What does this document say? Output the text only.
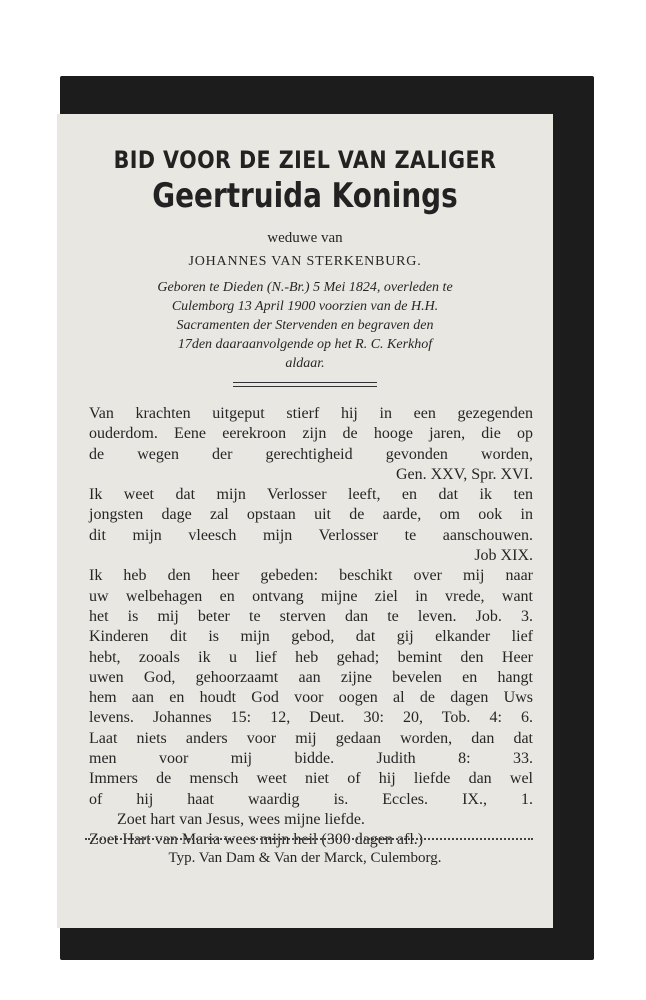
BID VOOR DE ZIEL VAN ZALIGER
Geertruida Konings
weduwe van
JOHANNES VAN STERKENBURG.
Geboren te Dieden (N.-Br.) 5 Mei 1824, overleden te
Culemborg 13 April 1900 voorzien van de H.H.
Sacramenten der Stervenden en begraven den
17den daaraanvolgende op het R. C. Kerkhof
aldaar.
Van krachten uitgeput stierf hij in een gezegenden
ouderdom. Eene eerekroon zijn de hooge jaren, die op
de wegen der gerechtigheid gevonden worden,
Gen. XXV, Spr. XVI.
Ik weet dat mijn Verlosser leeft, en dat ik ten
jongsten dage zal opstaan uit de aarde, om ook in
dit mijn vleesch mijn Verlosser te aanschouwen.
Job XIX.
Ik heb den heer gebeden: beschikt over mij naar
uw welbehagen en ontvang mijne ziel in vrede, want
het is mij beter te sterven dan te leven. Job. 3.
Kinderen dit is mijn gebod, dat gij elkander lief
hebt, zooals ik u lief heb gehad; bemint den Heer
uwen God, gehoorzaamt aan zijne bevelen en hangt
hem aan en houdt God voor oogen al de dagen Uws
levens. Johannes 15: 12, Deut. 30: 20, Tob. 4: 6.
Laat niets anders voor mij gedaan worden, dan dat
men voor mij bidde. Judith 8: 33.
Immers de mensch weet niet of hij liefde dan wel
of hij haat waardig is. Eccles. IX., 1.
Zoet hart van Jesus, wees mijne liefde.
Zoet Hart van Maria wees mijn heil (300 dagen afl.)
Typ. Van Dam & Van der Marck, Culemborg.
